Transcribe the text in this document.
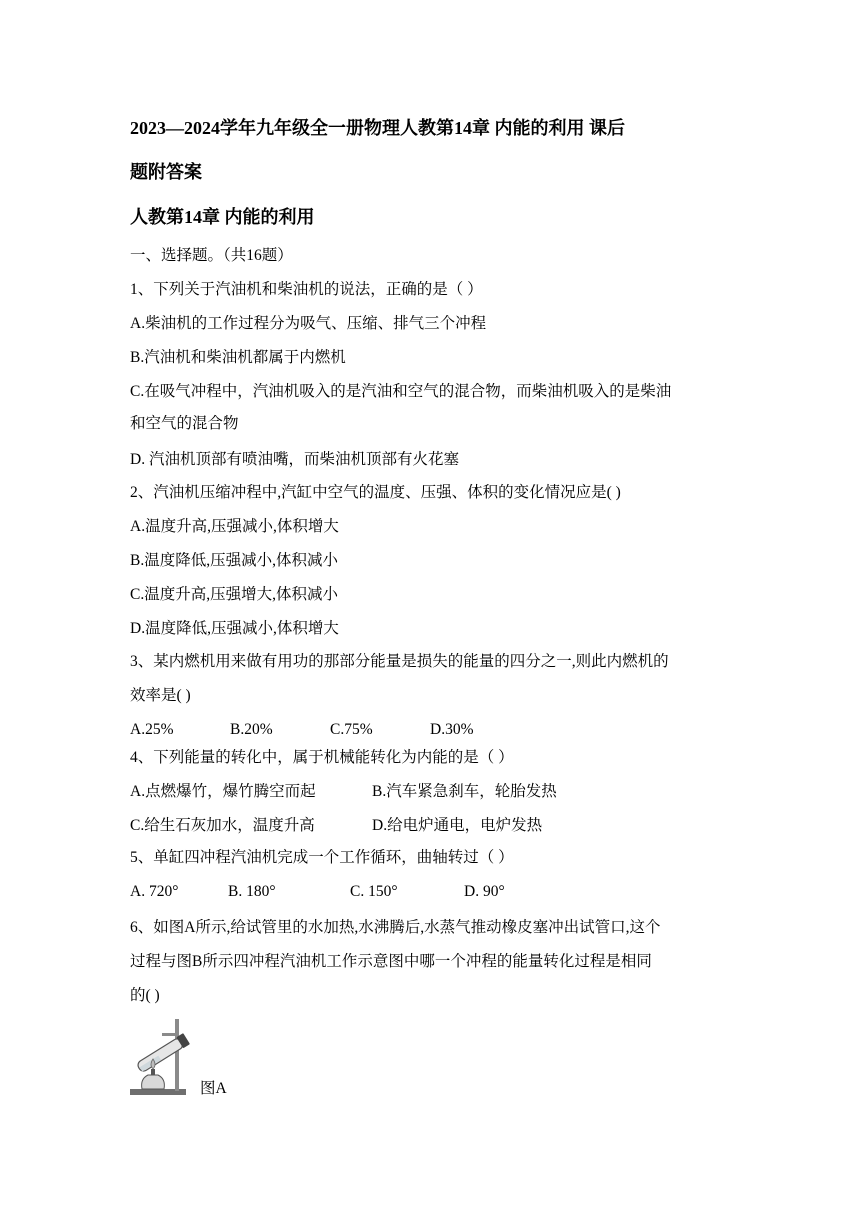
2023—2024学年九年级全一册物理人教第14章 内能的利用 课后
题附答案
人教第14章 内能的利用
一、选择题。（共16题）
1、下列关于汽油机和柴油机的说法，正确的是（ ）
A.柴油机的工作过程分为吸气、压缩、排气三个冲程
B.汽油机和柴油机都属于内燃机
C.在吸气冲程中，汽油机吸入的是汽油和空气的混合物，而柴油机吸入的是柴油
和空气的混合物
D. 汽油机顶部有喷油嘴，而柴油机顶部有火花塞
2、汽油机压缩冲程中,汽缸中空气的温度、压强、体积的变化情况应是( )
A.温度升高,压强减小,体积增大
B.温度降低,压强减小,体积减小
C.温度升高,压强增大,体积减小
D.温度降低,压强减小,体积增大
3、某内燃机用来做有用功的那部分能量是损失的能量的四分之一,则此内燃机的
效率是( )
A.25%	B.20%	C.75%	D.30%
4、下列能量的转化中，属于机械能转化为内能的是（ ）
A.点燃爆竹，爆竹腾空而起	B.汽车紧急刹车，轮胎发热
C.给生石灰加水，温度升高	D.给电炉通电，电炉发热
5、单缸四冲程汽油机完成一个工作循环，曲轴转过（ ）
A. 720°	B. 180°	C. 150°	D. 90°
6、如图A所示,给试管里的水加热,水沸腾后,水蒸气推动橡皮塞冲出试管口,这个
过程与图B所示四冲程汽油机工作示意图中哪一个冲程的能量转化过程是相同
的( )
图A
